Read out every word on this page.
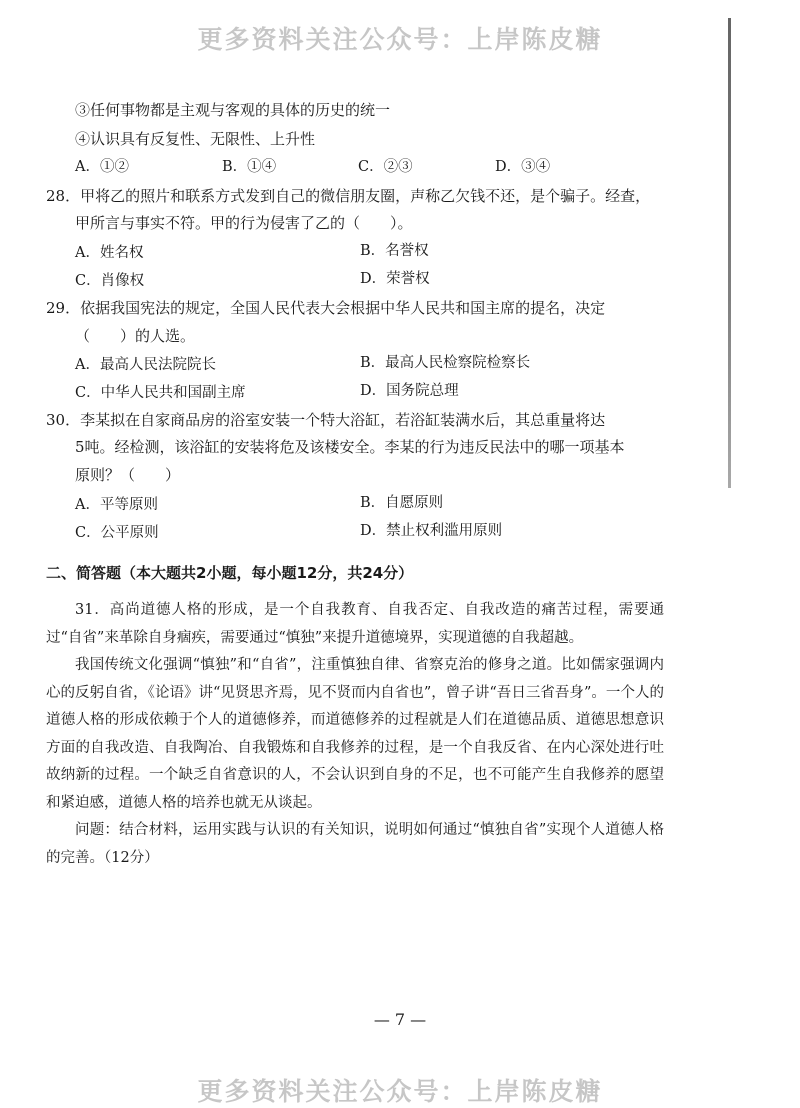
更多资料关注公众号：上岸陈皮糖
③任何事物都是主观与客观的具体的历史的统一
④认识具有反复性、无限性、上升性
A．①②	B．①④	C．②③	D．③④
28．甲将乙的照片和联系方式发到自己的微信朋友圈，声称乙欠钱不还，是个骗子。经查，
甲所言与事实不符。甲的行为侵害了乙的（　　）。
A．姓名权	B．名誉权
C．肖像权	D．荣誉权
29．依据我国宪法的规定，全国人民代表大会根据中华人民共和国主席的提名，决定
（　　）的人选。
A．最高人民法院院长	B．最高人民检察院检察长
C．中华人民共和国副主席	D．国务院总理
30．李某拟在自家商品房的浴室安装一个特大浴缸，若浴缸装满水后，其总重量将达
5吨。经检测，该浴缸的安装将危及该楼安全。李某的行为违反民法中的哪一项基本
原则？（　　）
A．平等原则	B．自愿原则
C．公平原则	D．禁止权利滥用原则
二、简答题（本大题共2小题，每小题12分，共24分）

31．高尚道德人格的形成，是一个自我教育、自我否定、自我改造的痛苦过程，需要通过“自省”来革除自身痼疾，需要通过“慎独”来提升道德境界，实现道德的自我超越。

我国传统文化强调“慎独”和“自省”，注重慎独自律、省察克治的修身之道。比如儒家强调内心的反躬自省，《论语》讲“见贤思齐焉，见不贤而内自省也”，曾子讲“吾日三省吾身”。一个人的道德人格的形成依赖于个人的道德修养，而道德修养的过程就是人们在道德品质、道德思想意识方面的自我改造、自我陶冶、自我锻炼和自我修养的过程，是一个自我反省、在内心深处进行吐故纳新的过程。一个缺乏自省意识的人，不会认识到自身的不足，也不可能产生自我修养的愿望和紧迫感，道德人格的培养也就无从谈起。

问题：结合材料，运用实践与认识的有关知识，说明如何通过“慎独自省”实现个人道德人格的完善。（12分）

— 7 —
更多资料关注公众号：上岸陈皮糖
